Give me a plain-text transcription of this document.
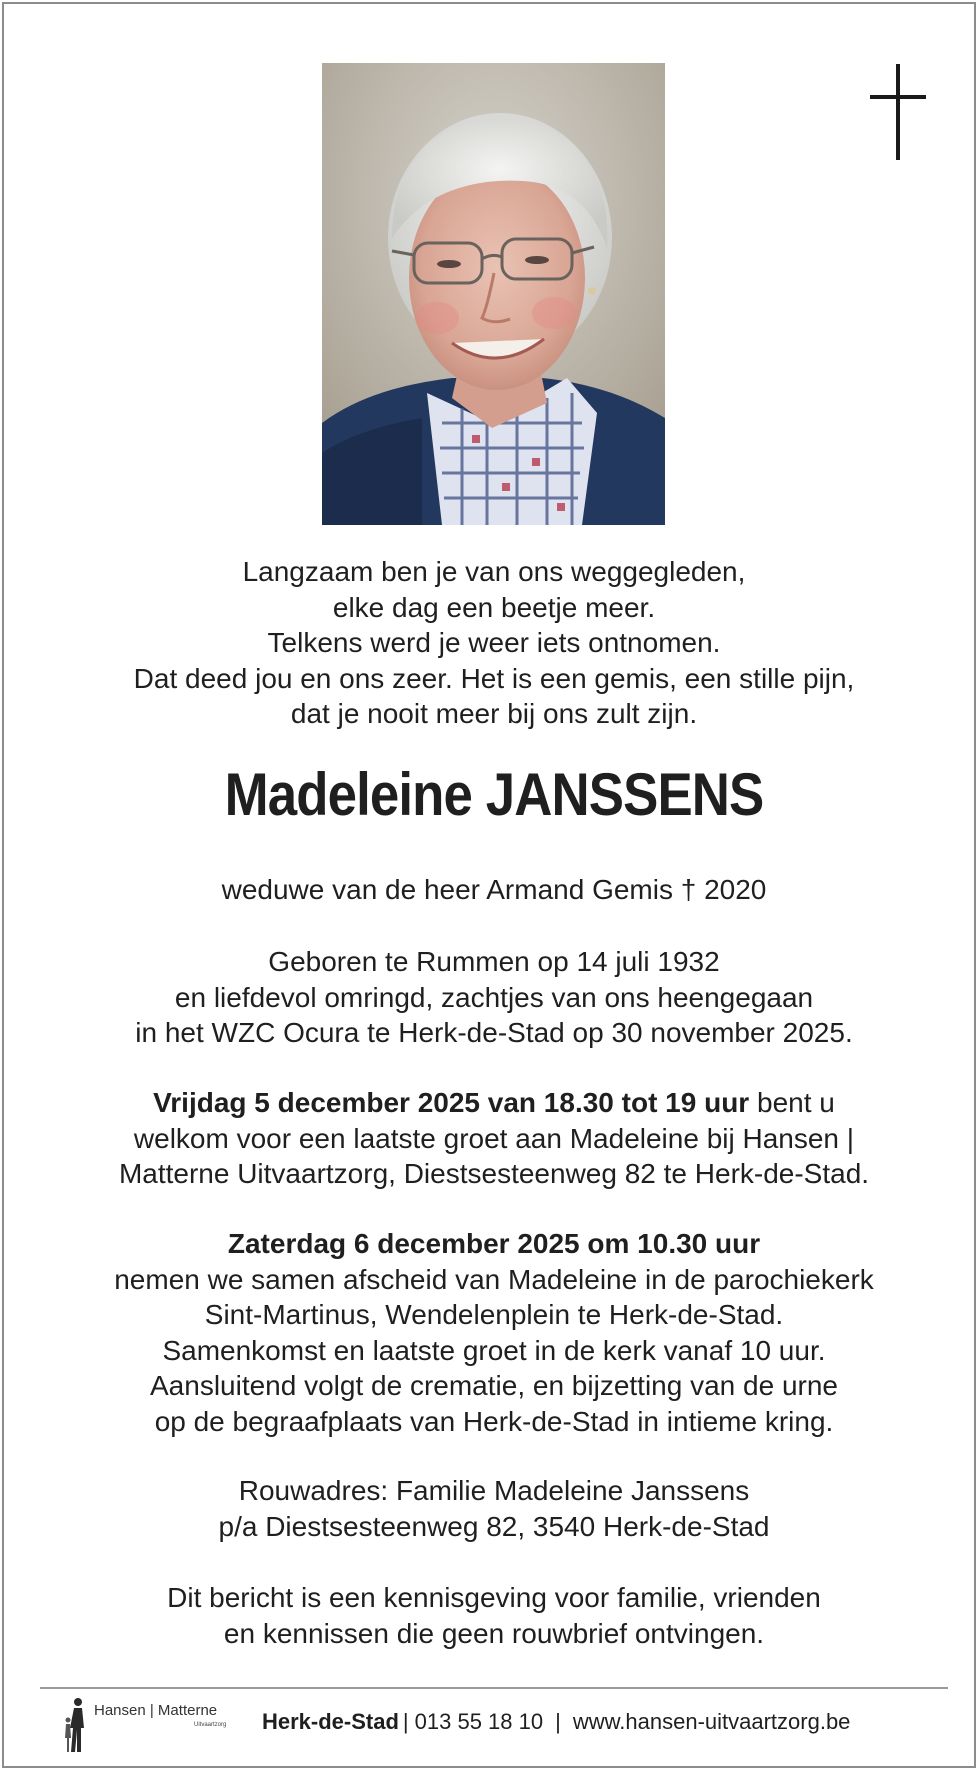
Langzaam ben je van ons weggegleden,
elke dag een beetje meer.
Telkens werd je weer iets ontnomen.
Dat deed jou en ons zeer. Het is een gemis, een stille pijn,
dat je nooit meer bij ons zult zijn.
Madeleine JANSSENS
weduwe van de heer Armand Gemis † 2020
Geboren te Rummen op 14 juli 1932
en liefdevol omringd, zachtjes van ons heengegaan
in het WZC Ocura te Herk-de-Stad op 30 november 2025.
Vrijdag 5 december 2025 van 18.30 tot 19 uur bent u
welkom voor een laatste groet aan Madeleine bij Hansen |
Matterne Uitvaartzorg, Diestsesteenweg 82 te Herk-de-Stad.
Zaterdag 6 december 2025 om 10.30 uur
nemen we samen afscheid van Madeleine in de parochiekerk
Sint-Martinus, Wendelenplein te Herk-de-Stad.
Samenkomst en laatste groet in de kerk vanaf 10 uur.
Aansluitend volgt de crematie, en bijzetting van de urne
op de begraafplaats van Herk-de-Stad in intieme kring.
Rouwadres: Familie Madeleine Janssens
p/a Diestsesteenweg 82, 3540 Herk-de-Stad
Dit bericht is een kennisgeving voor familie, vrienden
en kennissen die geen rouwbrief ontvingen.
Hansen | Matterne
Uitvaartzorg Herk-de-Stad | 013 55 18 10 | www.hansen-uitvaartzorg.be
